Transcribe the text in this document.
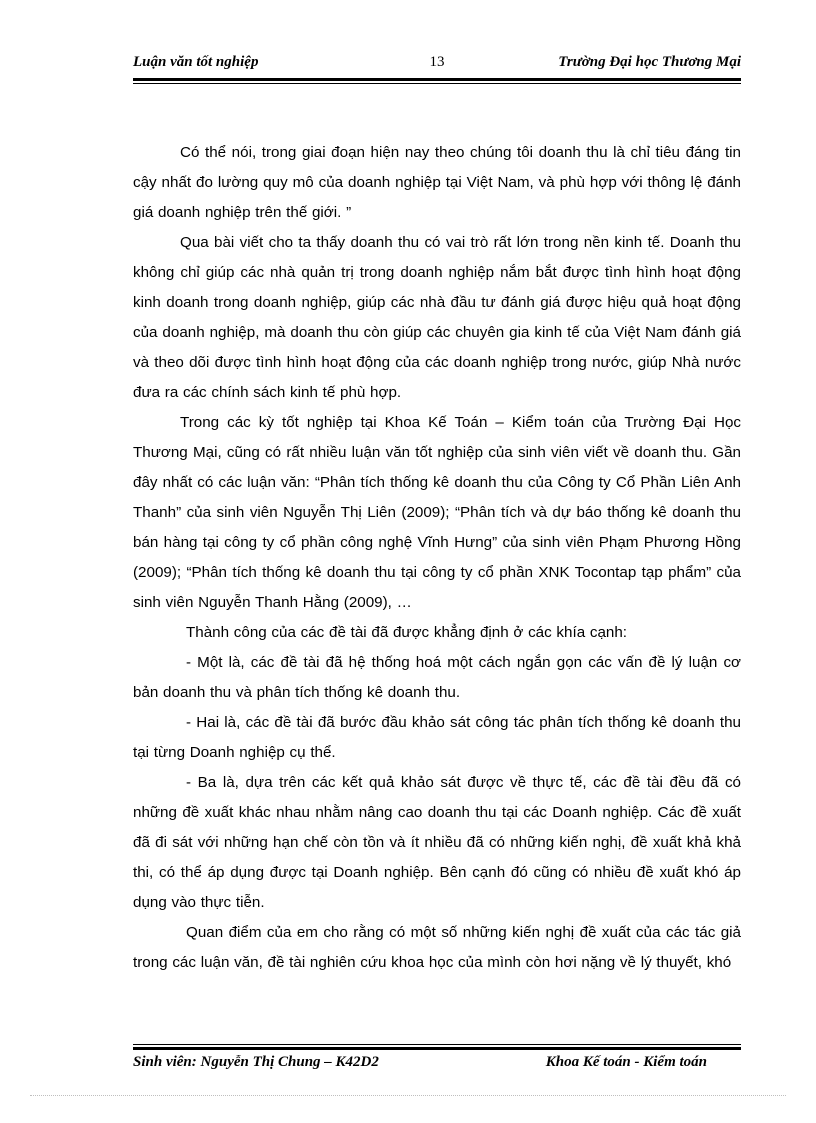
Luận văn tốt nghiệp	13	Trường Đại học Thương Mại

Có thể nói, trong giai đoạn hiện nay theo chúng tôi doanh thu là chỉ tiêu đáng tin cậy nhất đo lường quy mô của doanh nghiệp tại Việt Nam, và phù hợp với thông lệ đánh giá doanh nghiệp trên thế giới. ”

Qua bài viết cho ta thấy doanh thu có vai trò rất lớn trong nền kinh tế. Doanh thu không chỉ giúp các nhà quản trị trong doanh nghiệp nắm bắt được tình hình hoạt động kinh doanh trong doanh nghiệp, giúp các nhà đầu tư đánh giá được hiệu quả hoạt động của doanh nghiệp, mà doanh thu còn giúp các chuyên gia kinh tế của Việt Nam đánh giá và theo dõi được tình hình hoạt động của các doanh nghiệp trong nước, giúp Nhà nước đưa ra các chính sách kinh tế phù hợp.

Trong các kỳ tốt nghiệp tại Khoa Kế Toán – Kiểm toán của Trường Đại Học Thương Mại, cũng có rất nhiều luận văn tốt nghiệp của sinh viên viết về doanh thu. Gần đây nhất có các luận văn: “Phân tích thống kê doanh thu của Công ty Cổ Phần Liên Anh Thanh” của sinh viên Nguyễn Thị Liên (2009); “Phân tích và dự báo thống kê doanh thu bán hàng tại công ty cổ phần công nghệ Vĩnh Hưng” của sinh viên Phạm Phương Hồng (2009); “Phân tích thống kê doanh thu tại công ty cổ phần XNK Tocontap tạp phẩm” của sinh viên Nguyễn Thanh Hằng (2009), …

Thành công của các đề tài đã được khẳng định ở các khía cạnh:

- Một là, các đề tài đã hệ thống hoá một cách ngắn gọn các vấn đề lý luận cơ bản doanh thu và phân tích thống kê doanh thu.

- Hai là, các đề tài đã bước đầu khảo sát công tác phân tích thống kê doanh thu tại từng Doanh nghiệp cụ thể.

- Ba là, dựa trên các kết quả khảo sát được về thực tế, các đề tài đều đã có những đề xuất khác nhau nhằm nâng cao doanh thu tại các Doanh nghiệp. Các đề xuất đã đi sát với những hạn chế còn tồn và ít nhiều đã có những kiến nghị, đề xuất khả khả thi, có thể áp dụng được tại Doanh nghiệp. Bên cạnh đó cũng có nhiều đề xuất khó áp dụng vào thực tiễn.

Quan điểm của em cho rằng có một số những kiến nghị đề xuất của các tác giả trong các luận văn, đề tài nghiên cứu khoa học của mình còn hơi nặng về lý thuyết, khó

Sinh viên: Nguyễn Thị Chung – K42D2	Khoa Kế toán - Kiểm toán
